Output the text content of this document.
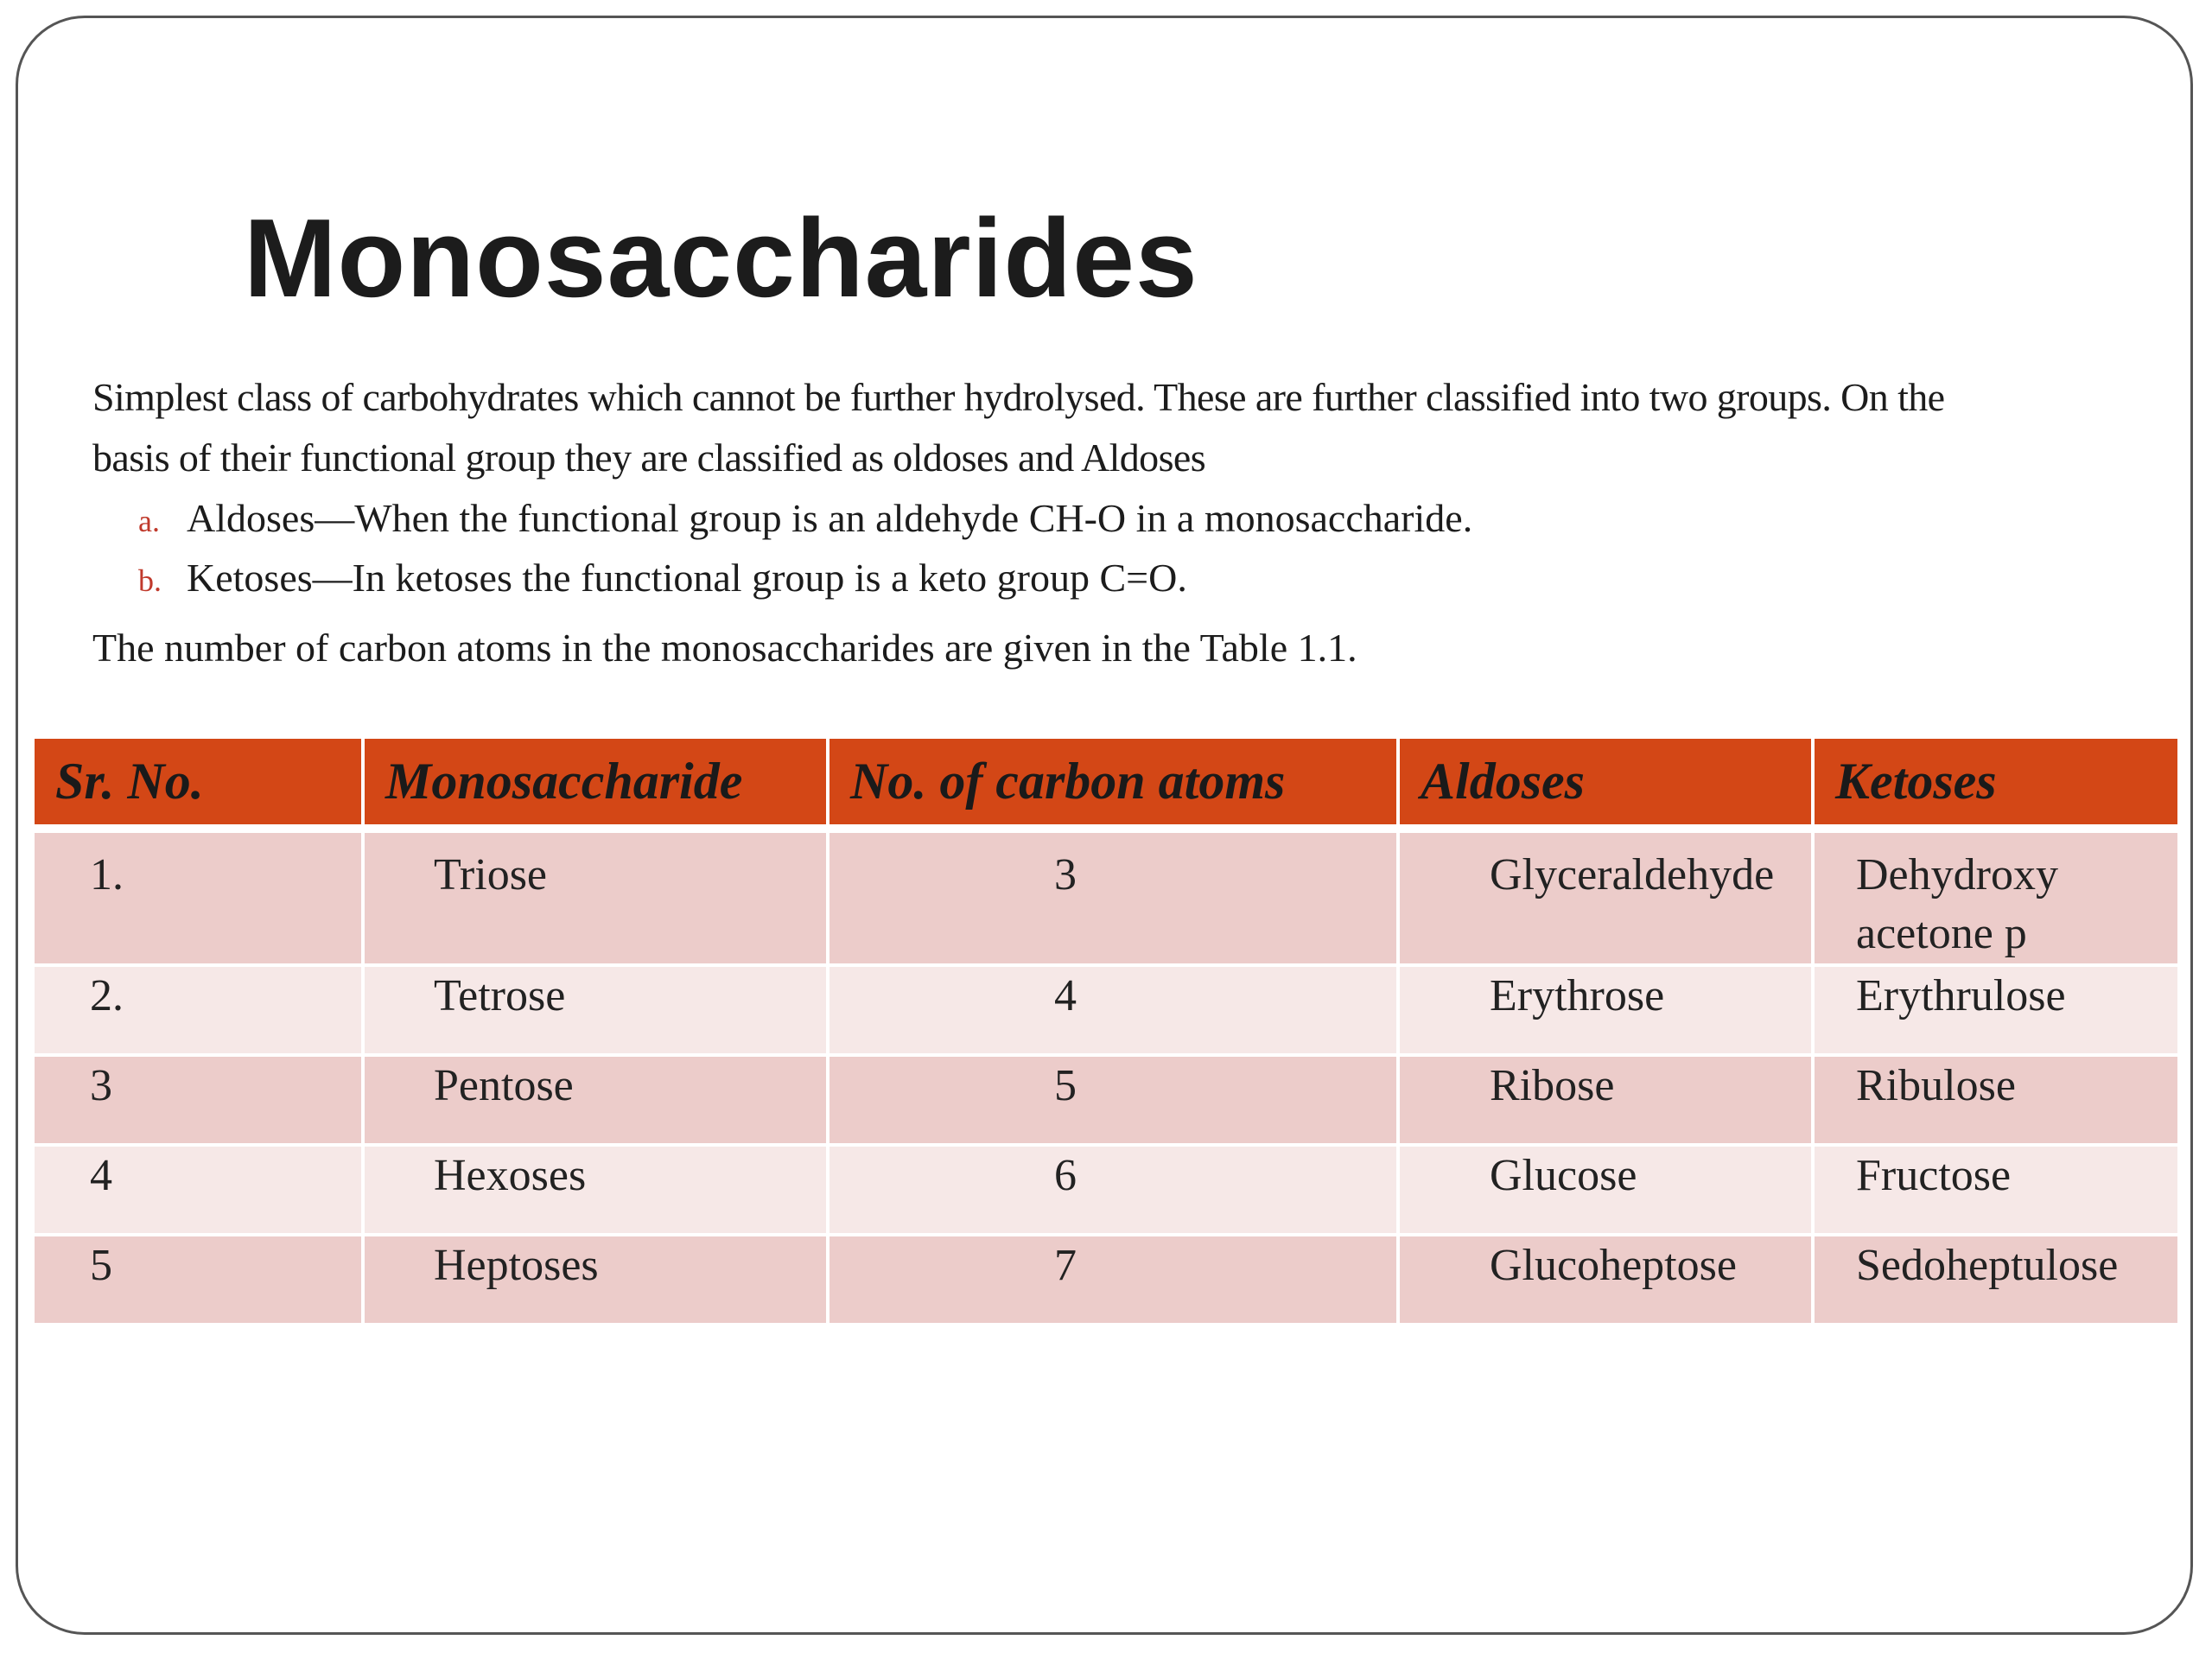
Monosaccharides

Simplest class of carbohydrates which cannot be further hydrolysed. These are further classified into two groups. On the
basis of their functional group they are classified as oldoses and Aldoses

a. Aldoses—When the functional group is an aldehyde CH-O in a monosaccharide.
b. Ketoses—In ketoses the functional group is a keto group C=O.

The number of carbon atoms in the monosaccharides are given in the Table 1.1.

Sr. No.	Monosaccharide	No. of carbon atoms	Aldoses	Ketoses
1.	Triose	3	Glyceraldehyde	Dehydroxy acetone p

2.	Tetrose	4	Erythrose	Erythrulose
3	Pentose	5	Ribose	Ribulose
4	Hexoses	6	Glucose	Fructose
5	Heptoses	7	Glucoheptose	Sedoheptulose
